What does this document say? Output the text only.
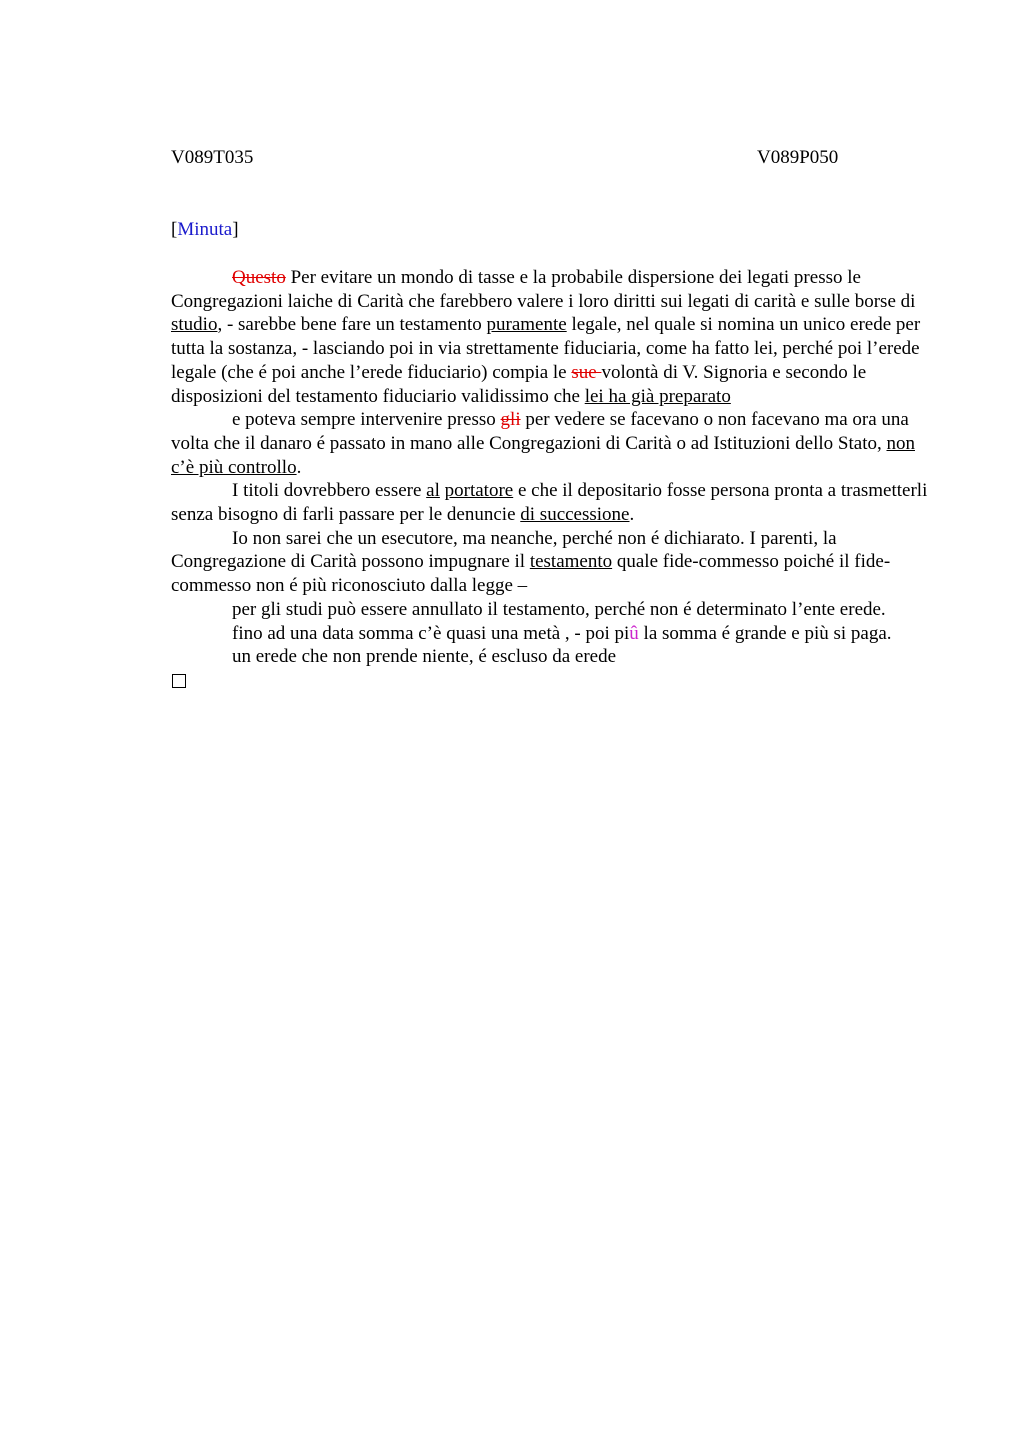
V089T035	V089P050
[Minuta]

Questo Per evitare un mondo di tasse e la probabile dispersione dei legati presso le Congregazioni laiche di Carità che farebbero valere i loro diritti sui legati di carità e sulle borse di studio, - sarebbe bene fare un testamento puramente legale, nel quale si nomina un unico erede per tutta la sostanza, - lasciando poi in via strettamente fiduciaria, come ha fatto lei, perché poi l’erede legale (che é poi anche l’erede fiduciario) compia le sue volontà di V. Signoria e secondo le disposizioni del testamento fiduciario validissimo che lei ha già preparato

e poteva sempre intervenire presso gli per vedere se facevano o non facevano ma ora una volta che il danaro é passato in mano alle Congregazioni di Carità o ad Istituzioni dello Stato, non c’è più controllo.

I titoli dovrebbero essere al portatore e che il depositario fosse persona pronta a trasmetterli senza bisogno di farli passare per le denuncie di successione.

Io non sarei che un esecutore, ma neanche, perché non é dichiarato. I parenti, la Congregazione di Carità possono impugnare il testamento quale fide-commesso poiché il fide-commesso non é più riconosciuto dalla legge –

per gli studi può essere annullato il testamento, perché non é determinato l’ente erede.

fino ad una data somma c’è quasi una metà , - poi piû la somma é grande e più si paga.

un erede che non prende niente, é escluso da erede
